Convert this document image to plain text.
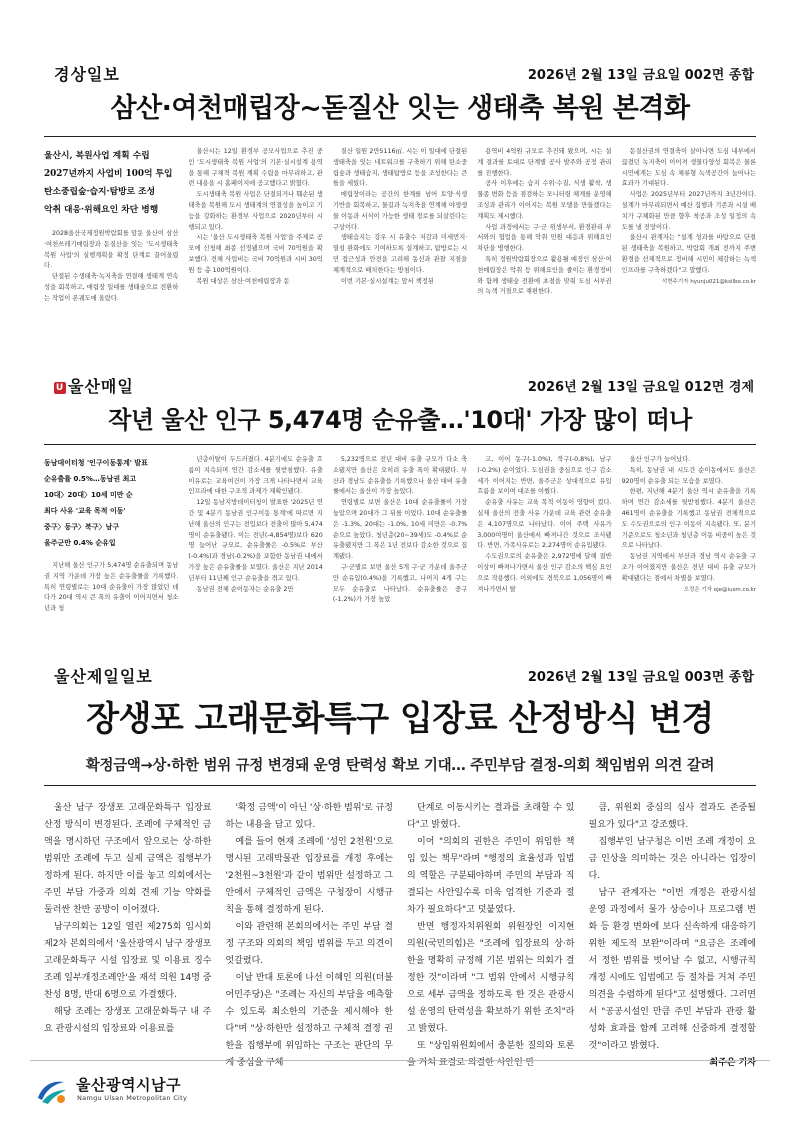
경상일보	2026년 2월 13일 금요일 002면 종합
삼산·여천매립장~돋질산 잇는 생태축 복원 본격화

울산시, 복원사업 계획 수립

2027년까지 사업비 100억 투입

탄소중립숲·습지·탐방로 조성

악취 대응·위해요인 차단 병행

2028울산국제정원박람회를 앞둔 울산이 삼산·여천쓰레기매립장과 돋질산을 잇는 '도시생태축 복원 사업'의 실행계획을 확정 단계로 끌어올렸다.

단절된 수생태축·녹지축을 연결해 생태계 연속성을 회복하고, 매립장 일대를 생태숲으로 전환하는 작업이 본궤도에 올랐다.

울산시는 12일 환경부 공모사업으로 추진 중인 '도시생태축 복원 사업'의 기본·실시설계 용역을 통해 구체적 복원 계획 수립을 마무리하고, 관련 내용을 시 홈페이지에 공고했다고 밝혔다.

도시생태축 복원 사업은 단절되거나 훼손된 생태축을 복원해 도시 생태계의 연결성을 높이고 기능을 강화하는 환경부 사업으로 2020년부터 시행되고 있다.

시는 '울산 도시생태축 복원 사업'을 주제로 공모에 신청해 최종 선정됐으며 국비 70억원을 확보했다. 전체 사업비는 국비 70억원과 시비 30억원 등 총 100억원이다.

복원 대상은 삼산·여천매립장과 돋

질산 일원 2만5116㎡. 시는 이 일대에 단절된 생태축을 잇는 네트워크를 구축하기 위해 탄소중립숲과 생태습지, 생태탐방로 등을 조성한다는 큰 틀을 세웠다.

매립장이라는 공간의 한계를 넘어 토양·식생 기반을 회복하고, 물길과 녹지축을 연계해 야생생물 이동과 서식이 가능한 생태 경로를 되살린다는 구상이다.

생태습지는 강우 시 유출수 저감과 미세먼지·열섬 완화에도 기여하도록 설계하고, 탐방로는 시민 접근성과 안전을 고려해 동선과 관찰 지점을 체계적으로 배치한다는 방침이다.

이번 기본·실시설계는 앞서 책정된

용역비 4억원 규모로 추진돼 왔으며, 시는 설계 결과를 토대로 단계별 공사 발주와 공정 관리를 진행한다.

공사 이후에는 습지 수위·수질, 식생 활착, 생물종 변화 등을 점검하는 모니터링 체계를 운영해 조성과 관리가 이어지는 복원 모델을 만들겠다는 계획도 제시했다.

사업 과정에서는 구·군 위생부서, 환경관리 부서와의 협업을 통해 악취 민원 대응과 위해요인 차단을 병행한다.

특히 정원박람회장으로 활용될 예정인 삼산·여천매립장은 악취 등 위해요인을 줄이는 환경정비와 함께 생태숲 전환에 초점을 맞춰 도심 서부권의 녹색 거점으로 재편한다.

돋질산권의 연결축이 살아나면 도심 내부에서 끊겼던 녹지축이 이어져 생물다양성 회복은 물론 시민에게는 도심 속 체류형 녹색공간이 늘어나는 효과가 기대된다.

사업은 2025년부터 2027년까지 3년간이다. 설계가 마무리되면서 예산 집행과 기존과 시설 배치가 구체화된 만큼 향후 착공과 조성 일정의 속도를 낼 전망이다.

울산시 관계자는 "설계 성과를 바탕으로 단절된 생태축을 복원하고, 박람회 개최 전까지 주변 환경을 선제적으로 정비해 시민이 체감하는 녹색 인프라를 구축하겠다"고 말했다.

석현주기자 hyunju021@ksilbo.co.kr

U 울산매일	2026년 2월 13일 금요일 012면 경제
작년 울산 인구 5,474명 순유출…'10대' 가장 많이 떠나

동남데이터청 '인구이동통계' 발표

순유출률 0.5%…동남권 최고

10대〉20대〉10세 미만 순

최다 사유 '교육 목적 이동'

중구〉동구〉북구〉남구

울주군만 0.4% 순유입

지난해 울산 인구가 5,474명 순유출되며 동남권 지역 가운데 가장 높은 순유출률을 기록했다. 특히 연령별로는 10대 순유출이 가장 많았던 데다가 20대 역시 큰 폭의 유출이 이어지면서 청소년과 청

년층이탈이 두드러졌다. 4분기에도 순유출 흐름이 지속되며 연간 감소세를 뒷받침했다. 유출 이유로는 교육여건이 가장 크게 나타나면서 교육 인프라에 대한 구조적 과제가 재확인됐다.

12일 동남지방데이터청이 발표한 '2025년 연간 및 4분기 동남권 인구이동 통계'에 따르면 지난해 울산의 인구는 전입보다 전출이 많아 5,474명이 순유출됐다. 이는 전년(-4,854명)보다 620명 늘어난 규모로, 순유출률은 -0.5%로 부산(-0.4%)과 경남(-0.2%)을 포함한 동남권 내에서 가장 높은 순유출률을 보였다. 울산은 지난 2014년부터 11년째 인구 순유출을 겪고 있다.

동남권 전체 순이동자는 순유출 2만

5,232명으로 전년 대비 유출 규모가 다소 축소됐지만 울산은 오히려 유출 폭이 확대됐다. 부산과 경남도 순유출을 기록했으나 울산 대비 유출률에서는 울산이 가장 높았다.

연령별로 보면 울산은 10대 순유출률이 가장 높았으며 20대가 그 뒤를 이었다. 10대 순유출률은 -1.3%, 20대는 -1.0%, 10세 미만은 -0.7% 순으로 높았다. 청년층(20~39세)도 -0.4%로 순유출됐지만 그 폭은 1년 전보다 감소한 것으로 집계됐다.

구·군별로 보면 울산 5개 구·군 가운데 울주군만 순유입(0.4%)을 기록했고, 나머지 4개 구는 모두 순유출로 나타났다. 순유출률은 중구(-1.2%)가 가장 높았

고, 이어 동구(-1.0%), 북구(-0.8%), 남구(-0.2%) 순이었다. 도심권을 중심으로 인구 감소세가 이어지는 반면, 울주군은 상대적으로 유입 흐름을 보이며 대조를 이뤘다.

순유출 사유는 교육 목적 이동이 영향이 컸다. 실제 울산의 전출 사유 가운데 교육 관련 순유출은 4,107명으로 나타났다. 이어 주택 사유가 3,000여명이 울산에서 빠져나간 것으로 조사됐다. 반면, 가족사유로는 2,274명이 순유입됐다.

수도권으로의 순유출은 2,972명에 달해 절반 이상이 빠져나가면서 울산 인구 감소의 핵심 요인으로 작용했다. 이외에도 경북으로 1,056명이 빠져나가면서 탈

울산 인구가 늘어났다.

특히, 동남권 내 시도간 순이동에서도 울산은 920명이 순유출 되는 모습을 보였다.

한편, 지난해 4분기 울산 역시 순유출을 기록하며 연간 감소세를 뒷받침했다. 4분기 울산은 461명이 순유출을 기록했고 동남권 전체적으로도 수도권으로의 인구 이동이 지속됐다. 또, 분기 기준으로도 청소년과 청년층 이동 비중이 높은 것으로 나타났다.

동남권 지역에서 부산과 경남 역시 순유출 구조가 이어졌지만 울산은 전년 대비 유출 규모가 확대됐다는 점에서 차별을 보였다.

오정은 기자 oje@iusm.co.kr

울산제일일보	2026년 2월 13일 금요일 003면 종합
장생포 고래문화특구 입장료 산정방식 변경
확정금액→상·하한 범위 규정 변경돼 운영 탄력성 확보 기대… 주민부담 결정-의회 책임범위 의견 갈려

울산 남구 장생포 고래문화특구 입장료 산정 방식이 변경된다. 조례에 구체적인 금액을 명시하던 구조에서 앞으로는 상·하한 범위만 조례에 두고 실제 금액은 집행부가 정하게 된다. 하지만 이를 놓고 의회에서는 주민 부담 가중과 의회 견제 기능 약화를 둘러싼 찬반 공방이 이어졌다.

남구의회는 12일 열린 제275회 임시회 제2차 본회의에서 '울산광역시 남구 장생포 고래문화특구 시설 입장료 및 이용료 징수 조례 일부개정조례안'을 재석 의원 14명 중 찬성 8명, 반대 6명으로 가결했다.

해당 조례는 장생포 고래문화특구 내 주요 관광시설의 입장료와 이용료를

'확정 금액'이 아닌 '상·하한 범위'로 규정하는 내용을 담고 있다.

예를 들어 현재 조례에 '성인 2천원'으로 명시된 고래박물관 입장료를 개정 후에는 '2천원~3천원'과 같이 범위만 설정하고 그 안에서 구체적인 금액은 구청장이 시행규칙을 통해 결정하게 된다.

이와 관련해 본회의에서는 주민 부담 결정 구조와 의회의 책임 범위를 두고 의견이 엇갈렸다.

이날 반대 토론에 나선 이혜인 의원(더불어민주당)은 "조례는 자신의 부담을 예측할 수 있도록 최소한의 기준을 제시해야 한다"며 "상·하한만 설정하고 구체적 결정 권한을 집행부에 위임하는 구조는 판단의 무게 중심을 구체

단계로 이동시키는 결과를 초래할 수 있다"고 밝혔다.

이어 "의회의 권한은 주민이 위임한 책임 있는 책무"라며 "행정의 효율성과 입법의 역할은 구분돼야하며 주민의 부담과 직결되는 사안일수록 더욱 엄격한 기준과 절차가 필요하다"고 덧붙였다.

반면 행정자치위원회 위원장인 이지현 의원(국민의힘)은 "조례에 입장료의 상·하한을 명확히 규정해 기본 범위는 의회가 결정한 것"이라며 "그 범위 안에서 시행규칙으로 세부 금액을 정하도록 한 것은 관광시설 운영의 탄력성을 확보하기 위한 조치"라고 밝혔다.

또 "상임위원회에서 충분한 질의와 토론을 거쳐 표결로 의결한 사안인 만

큼, 위원회 중심의 심사 결과도 존중될 필요가 있다"고 강조했다.

집행부인 남구청은 이번 조례 개정이 요금 인상을 의미하는 것은 아니라는 입장이다.

남구 관계자는 "이번 개정은 관광시설 운영 과정에서 물가 상승이나 프로그램 변화 등 환경 변화에 보다 신속하게 대응하기 위한 제도적 보완"이라며 "요금은 조례에서 정한 범위를 벗어날 수 없고, 시행규칙 개정 시에도 입법예고 등 절차를 거쳐 주민 의견을 수렴하게 된다"고 설명했다. 그러면서 "공공시설인 만큼 주민 부담과 관광 활성화 효과를 함께 고려해 신중하게 결정할 것"이라고 밝혔다.

최주은 기자

울산광역시남구
Namgu Ulsan Metropolitan City
